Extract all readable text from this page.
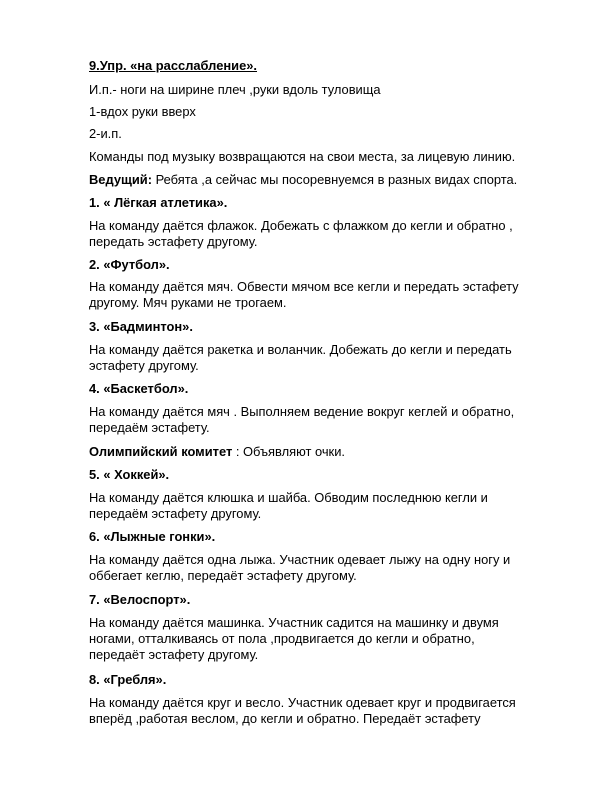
9.Упр. «на расслабление».
И.п.- ноги на ширине плеч ,руки вдоль туловища
1-вдох руки вверх
2-и.п.
Команды под музыку возвращаются на свои места, за лицевую линию.
Ведущий: Ребята ,а сейчас мы посоревнуемся в разных видах спорта.
1. « Лёгкая атлетика».
На команду даётся флажок. Добежать с флажком до кегли и обратно ,
передать эстафету другому.
2. «Футбол».
На команду даётся мяч. Обвести мячом все кегли и передать эстафету
другому. Мяч руками не трогаем.
3. «Бадминтон».
На команду даётся ракетка и воланчик. Добежать до кегли и передать
эстафету другому.
4. «Баскетбол».
На команду даётся мяч . Выполняем ведение вокруг кеглей и обратно,
передаём эстафету.
Олимпийский комитет : Объявляют очки.
5. « Хоккей».
На команду даётся клюшка и шайба. Обводим последнюю кегли и
передаём эстафету другому.
6. «Лыжные гонки».
На команду даётся одна лыжа. Участник одевает лыжу на одну ногу и
оббегает кеглю, передаёт эстафету другому.
7. «Велоспорт».
На команду даётся машинка. Участник садится на машинку и двумя
ногами, отталкиваясь от пола ,продвигается до кегли и обратно,
передаёт эстафету другому.
8. «Гребля».
На команду даётся круг и весло. Участник одевает круг и продвигается
вперёд ,работая веслом, до кегли и обратно. Передаёт эстафету
